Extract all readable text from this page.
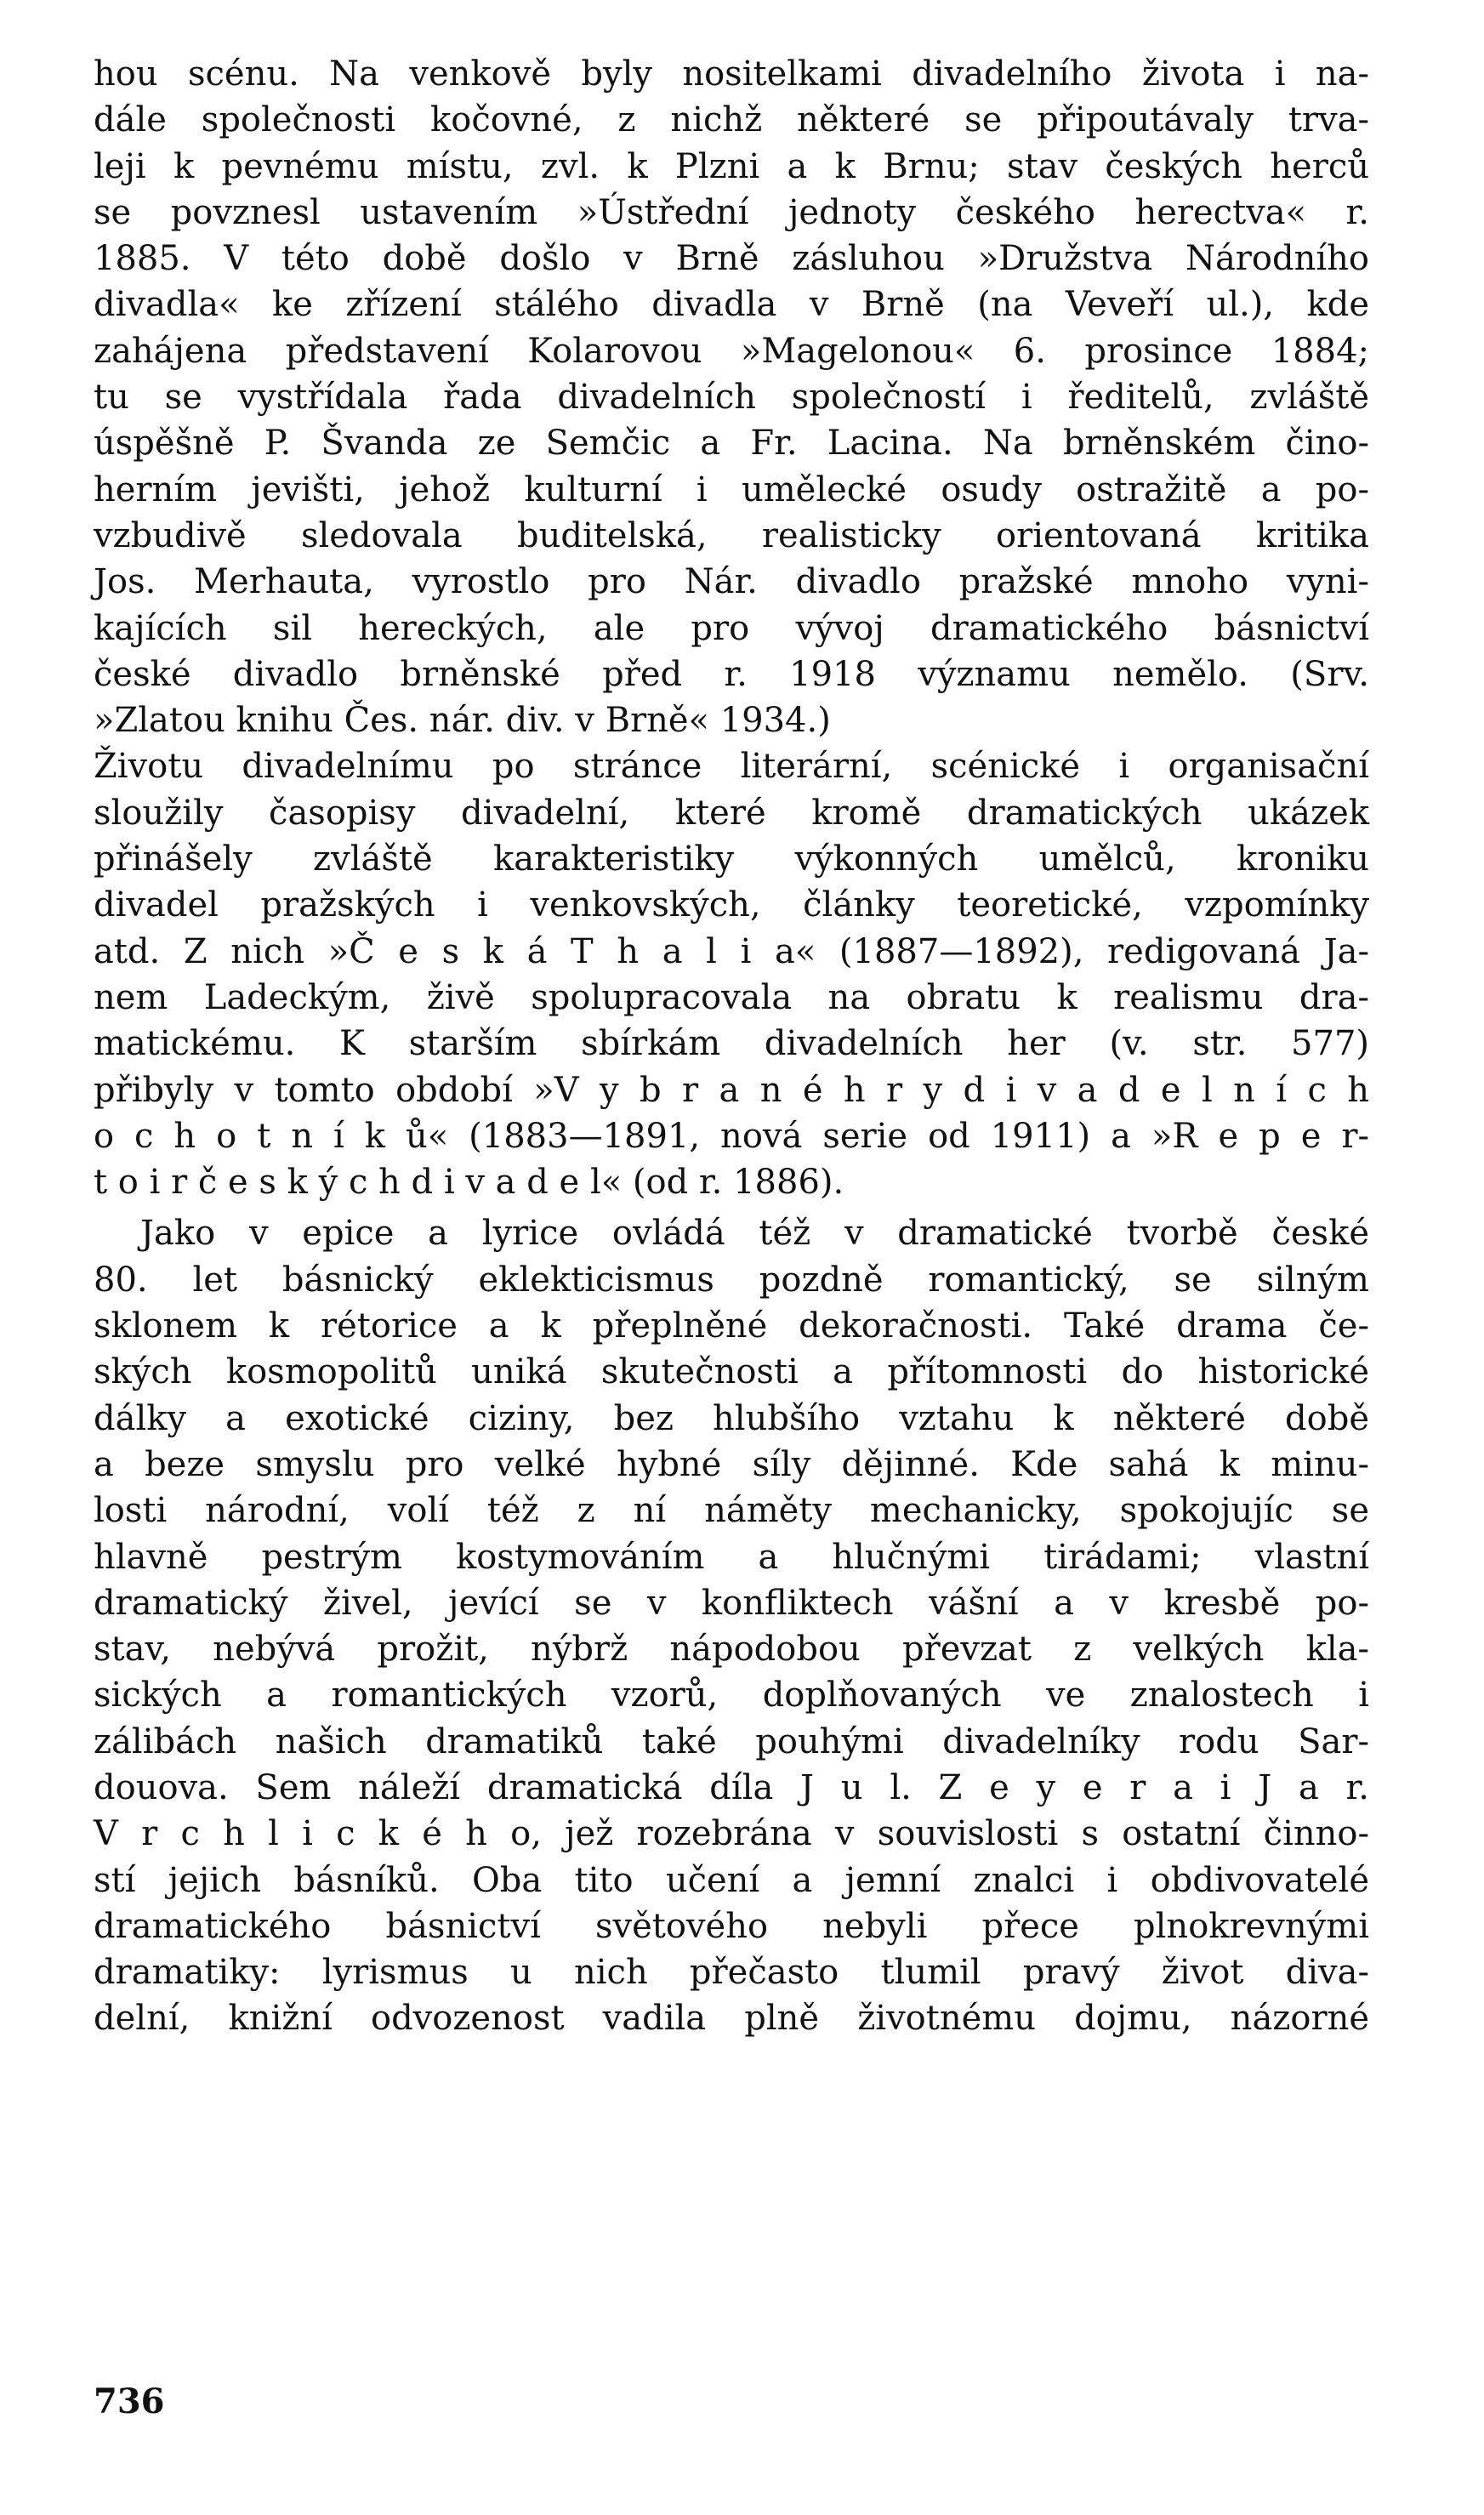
hou scénu. Na venkově byly nositelkami divadelního života i na-
dále společnosti kočovné, z nichž některé se připoutávaly trva-
leji k pevnému místu, zvl. k Plzni a k Brnu; stav českých herců
se povznesl ustavením »Ústřední jednoty českého herectva« r.
1885. V této době došlo v Brně zásluhou »Družstva Národního
divadla« ke zřízení stálého divadla v Brně (na Veveří ul.), kde
zahájena představení Kolarovou »Magelonou« 6. prosince 1884;
tu se vystřídala řada divadelních společností i ředitelů, zvláště
úspěšně P. Švanda ze Semčic a Fr. Lacina. Na brněnském čino-
herním jevišti, jehož kulturní i umělecké osudy ostražitě a po-
vzbudivě sledovala buditelská, realisticky orientovaná kritika
Jos. Merhauta, vyrostlo pro Nár. divadlo pražské mnoho vyni-
kajících sil hereckých, ale pro vývoj dramatického básnictví
české divadlo brněnské před r. 1918 významu nemělo. (Srv.
»Zlatou knihu Čes. nár. div. v Brně« 1934.)
Životu divadelnímu po stránce literární, scénické i organisační
sloužily časopisy divadelní, které kromě dramatických ukázek
přinášely zvláště karakteristiky výkonných umělců, kroniku
divadel pražských i venkovských, články teoretické, vzpomínky
atd. Z nich »Č e s k á T h a l i a« (1887—1892), redigovaná Ja-
nem Ladeckým, živě spolupracovala na obratu k realismu dra-
matickému. K starším sbírkám divadelních her (v. str. 577)
přibyly v tomto období »V y b r a n é h r y d i v a d e l n í c h
o c h o t n í k ů« (1883—1891, nová serie od 1911) a »R e p e r-
t o i r č e s k ý c h d i v a d e l« (od r. 1886).
Jako v epice a lyrice ovládá též v dramatické tvorbě české
80. let básnický eklekticismus pozdně romantický, se silným
sklonem k rétorice a k přeplněné dekoračnosti. Také drama če-
ských kosmopolitů uniká skutečnosti a přítomnosti do historické
dálky a exotické ciziny, bez hlubšího vztahu k některé době
a beze smyslu pro velké hybné síly dějinné. Kde sahá k minu-
losti národní, volí též z ní náměty mechanicky, spokojujíc se
hlavně pestrým kostymováním a hlučnými tirádami; vlastní
dramatický živel, jevící se v konfliktech vášní a v kresbě po-
stav, nebývá prožit, nýbrž nápodobou převzat z velkých kla-
sických a romantických vzorů, doplňovaných ve znalostech i
zálibách našich dramatiků také pouhými divadelníky rodu Sar-
douova. Sem náleží dramatická díla J u l. Z e y e r a i J a r.
V r c h l i c k é h o, jež rozebrána v souvislosti s ostatní činno-
stí jejich básníků. Oba tito učení a jemní znalci i obdivovatelé
dramatického básnictví světového nebyli přece plnokrevnými
dramatiky: lyrismus u nich přečasto tlumil pravý život diva-
delní, knižní odvozenost vadila plně životnému dojmu, názorné
736
